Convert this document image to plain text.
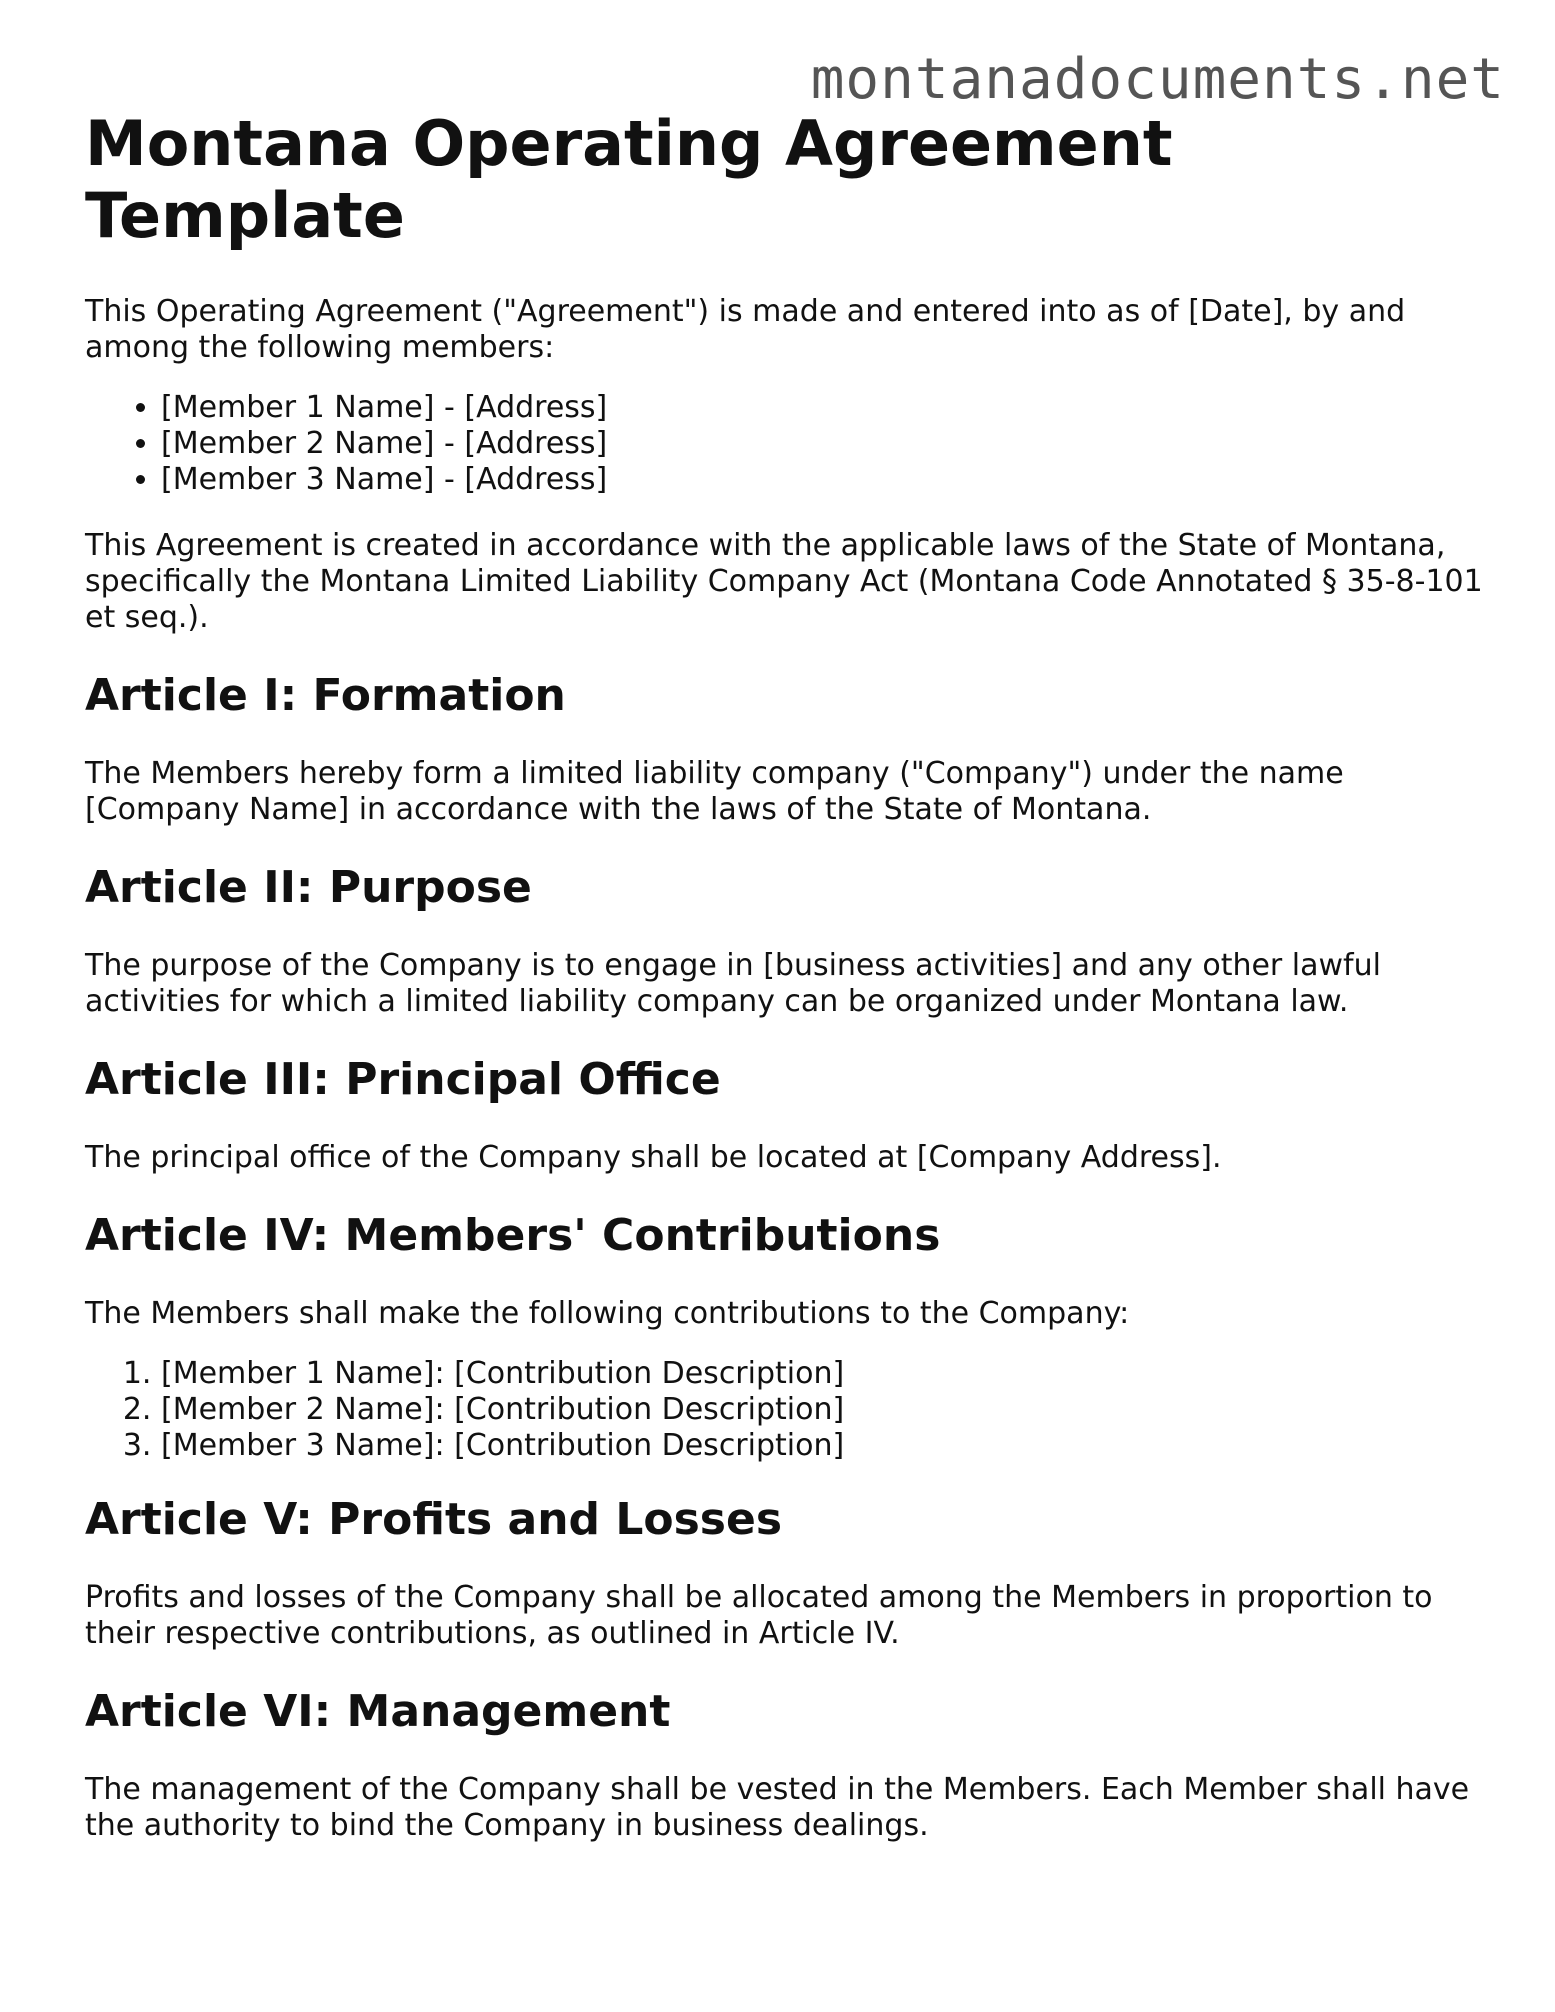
montanadocuments.net
Montana Operating Agreement Template

This Operating Agreement ("Agreement") is made and entered into as of [Date], by and among the following members:

• [Member 1 Name] - [Address]
• [Member 2 Name] - [Address]
• [Member 3 Name] - [Address]

This Agreement is created in accordance with the applicable laws of the State of Montana, specifically the Montana Limited Liability Company Act (Montana Code Annotated § 35-8-101 et seq.).

Article I: Formation

The Members hereby form a limited liability company ("Company") under the name [Company Name] in accordance with the laws of the State of Montana.

Article II: Purpose

The purpose of the Company is to engage in [business activities] and any other lawful activities for which a limited liability company can be organized under Montana law.

Article III: Principal Office

The principal office of the Company shall be located at [Company Address].

Article IV: Members' Contributions

The Members shall make the following contributions to the Company:

1. [Member 1 Name]: [Contribution Description]
2. [Member 2 Name]: [Contribution Description]
3. [Member 3 Name]: [Contribution Description]
Article V: Profits and Losses

Profits and losses of the Company shall be allocated among the Members in proportion to their respective contributions, as outlined in Article IV.

Article VI: Management

The management of the Company shall be vested in the Members. Each Member shall have the authority to bind the Company in business dealings.
